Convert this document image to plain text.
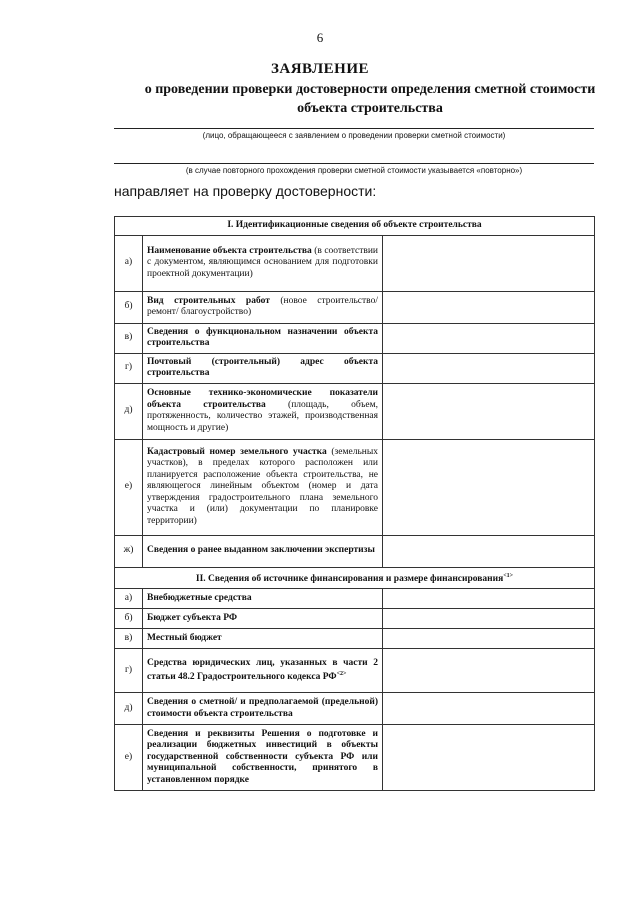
6
ЗАЯВЛЕНИЕ
о проведении проверки достоверности определения сметной стоимости объекта строительства
(лицо, обращающееся с заявлением о проведении проверки сметной стоимости)
(в случае повторного прохождения проверки сметной стоимости указывается «повторно»)
направляет на проверку достоверности:
I. Идентификационные сведения об объекте строительства		
а)	Наименование объекта строительства (в соответствии с документом, являющимся основанием для подготовки проектной документации)	
б)	Вид строительных работ (новое строительство/ ремонт/ благоустройство)	
в)	Сведения о функциональном назначении объекта строительства	
г)	Почтовый (строительный) адрес объекта строительства	
д)	Основные технико-экономические показатели объекта строительства (площадь, объем, протяженность, количество этажей, производственная мощность и другие)	
е)	Кадастровый номер земельного участка (земельных участков), в пределах которого расположен или планируется расположение объекта строительства, не являющегося линейным объектом (номер и дата утверждения градостроительного плана земельного участка и (или) документации по планировке территории)	
ж)	Сведения о ранее выданном заключении экспертизы	
II. Сведения об источнике финансирования и размере финансирования$^{<1>}$
а)	Внебюджетные средства	
б)	Бюджет субъекта РФ	
в)	Местный бюджет	
г)	Средства юридических лиц, указанных в части 2 статьи 48.2 Градостроительного кодекса $РФ^{<2>}$	
д)	Сведения о сметной/ и предполагаемой (предельной) стоимости объекта строительства	
е)	Сведения и реквизиты Решения о подготовке и реализации бюджетных инвестиций в объекты государственной собственности субъекта РФ или муниципальной собственности, принятого в установленном порядке	
